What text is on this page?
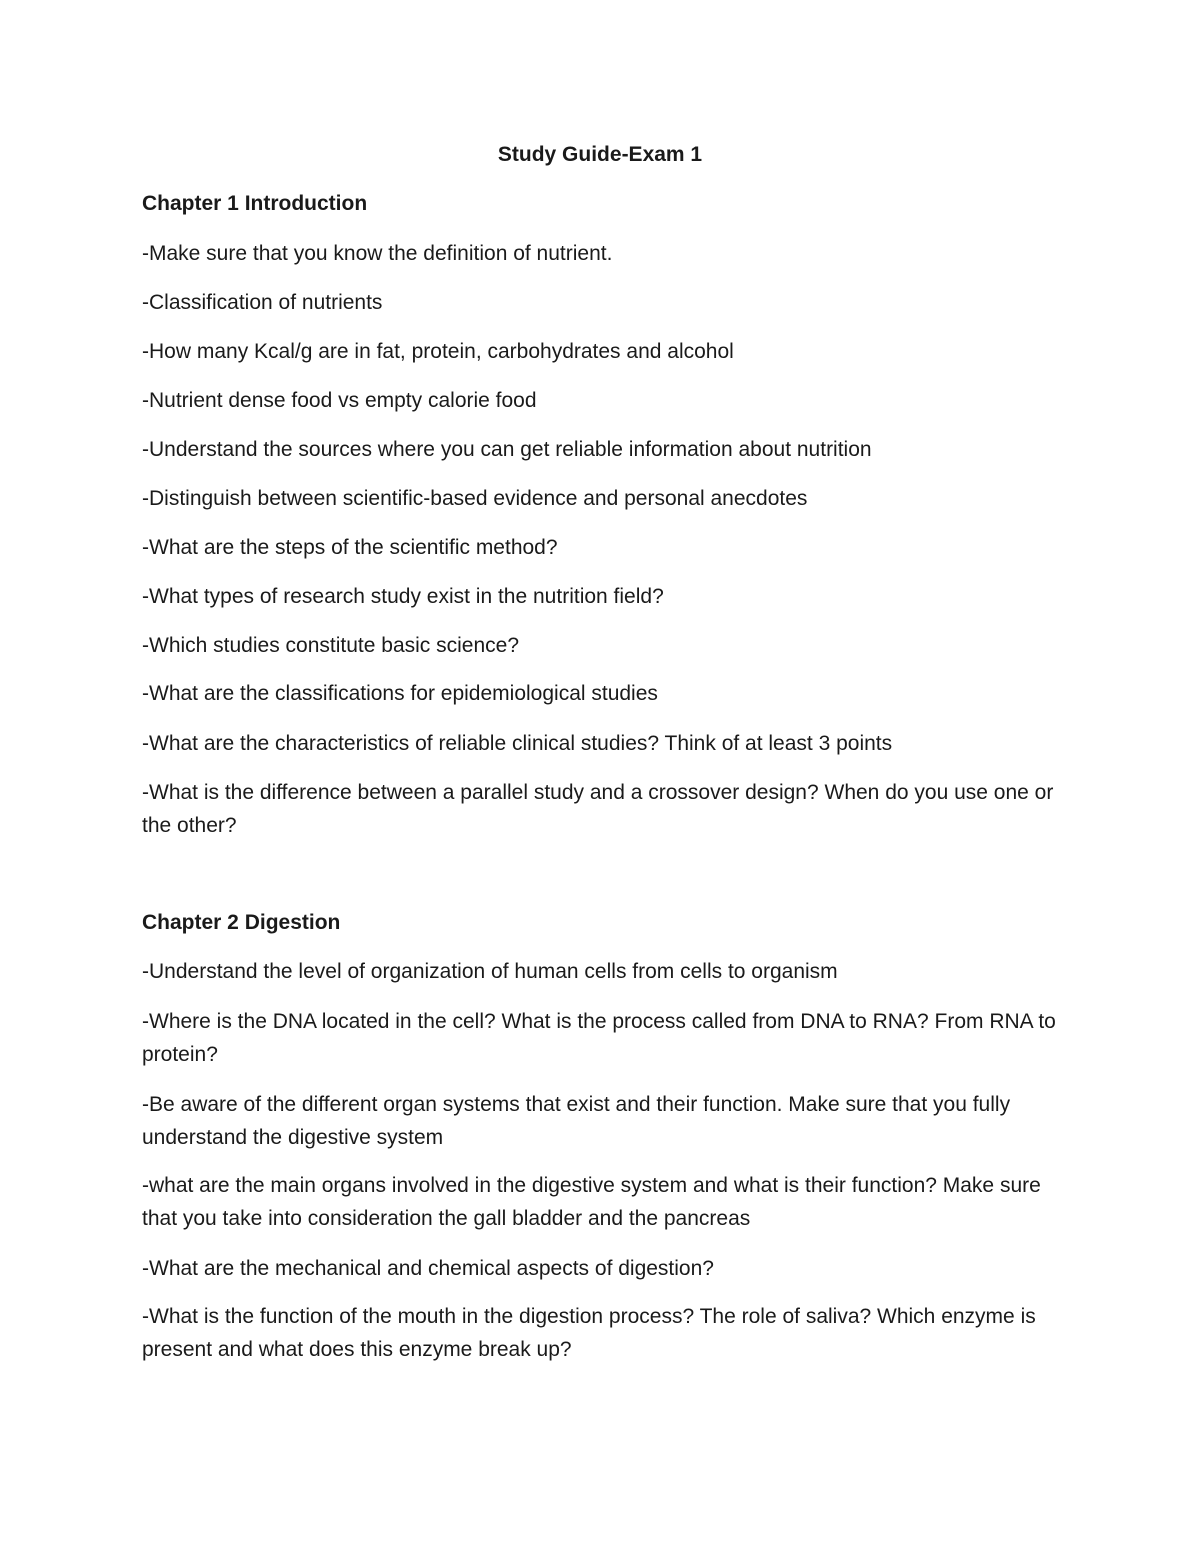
Study Guide-Exam 1
Chapter 1 Introduction

-Make sure that you know the definition of nutrient.

-Classification of nutrients

-How many Kcal/g are in fat, protein, carbohydrates and alcohol

-Nutrient dense food vs empty calorie food

-Understand the sources where you can get reliable information about nutrition

-Distinguish between scientific-based evidence and personal anecdotes

-What are the steps of the scientific method?

-What types of research study exist in the nutrition field?

-Which studies constitute basic science?

-What are the classifications for epidemiological studies

-What are the characteristics of reliable clinical studies? Think of at least 3 points

-What is the difference between a parallel study and a crossover design? When do you use one or the other?

Chapter 2 Digestion

-Understand the level of organization of human cells from cells to organism

-Where is the DNA located in the cell? What is the process called from DNA to RNA? From RNA to protein?

-Be aware of the different organ systems that exist and their function. Make sure that you fully understand the digestive system

-what are the main organs involved in the digestive system and what is their function? Make sure that you take into consideration the gall bladder and the pancreas

-What are the mechanical and chemical aspects of digestion?

-What is the function of the mouth in the digestion process? The role of saliva? Which enzyme is present and what does this enzyme break up?
